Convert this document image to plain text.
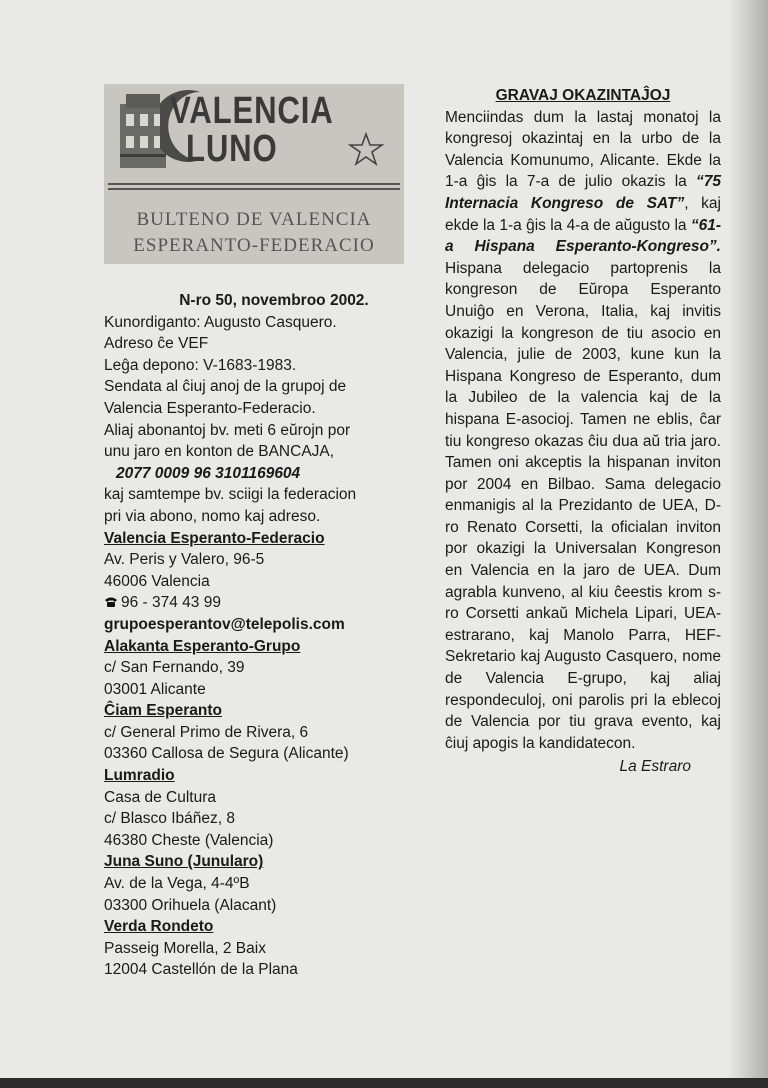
VALENCIA
LUNO
BULTENO DE VALENCIA
ESPERANTO-FEDERACIO
N-ro 50, novembroo 2002.
Kunordiganto: Augusto Casquero.
Adreso ĉe VEF
Leĝa depono: V-1683-1983.
Sendata al ĉiuj anoj de la grupoj de
Valencia Esperanto-Federacio.
Aliaj abonantoj bv. meti 6 eŭrojn por
unu jaro en konton de BANCAJA,
2077 0009 96 3101169604
kaj samtempe bv. sciigi la federacion
pri via abono, nomo kaj adreso.
Valencia Esperanto-Federacio
Av. Peris y Valero, 96-5
46006 Valencia
96 - 374 43 99
grupoesperantov@telepolis.com
Alakanta Esperanto-Grupo
c/ San Fernando, 39
03001 Alicante
Ĉiam Esperanto
c/ General Primo de Rivera, 6
03360 Callosa de Segura (Alicante)
Lumradio
Casa de Cultura
c/ Blasco Ibáñez, 8
46380 Cheste (Valencia)
Juna Suno (Junularo)
Av. de la Vega, 4-4ºB
03300 Orihuela (Alacant)
Verda Rondeto
Passeig Morella, 2 Baix
12004 Castellón de la Plana
GRAVAJ OKAZINTAĴOJ
Menciindas dum la lastaj monatoj la kongresoj okazintaj en la urbo de la Valencia Komunumo, Alicante. Ekde la 1-a ĝis la 7-a de julio okazis la “75 Internacia Kongreso de SAT”, kaj ekde la 1-a ĝis la 4-a de aŭgusto la “61-a Hispana Esperanto-Kongreso”. Hispana delegacio partoprenis la kongreson de Eŭropa Esperanto Unuiĝo en Verona, Italia, kaj invitis okazigi la kongreson de tiu asocio en Valencia, julie de 2003, kune kun la Hispana Kongreso de Esperanto, dum la Jubileo de la valencia kaj de la hispana E-asocioj. Tamen ne eblis, ĉar tiu kongreso okazas ĉiu dua aŭ tria jaro. Tamen oni akceptis la hispanan inviton por 2004 en Bilbao. Sama delegacio enmanigis al la Prezidanto de UEA, D-ro Renato Corsetti, la oficialan inviton por okazigi la Universalan Kongreson en Valencia en la jaro de UEA. Dum agrabla kunveno, al kiu ĉeestis krom s-ro Corsetti ankaŭ Michela Lipari, UEA-estrarano, kaj Manolo Parra, HEF-Sekretario kaj Augusto Casquero, nome de Valencia E-grupo, kaj aliaj respondeculoj, oni parolis pri la eblecoj de Valencia por tiu grava evento, kaj ĉiuj apogis la kandidatecon.
La Estraro
